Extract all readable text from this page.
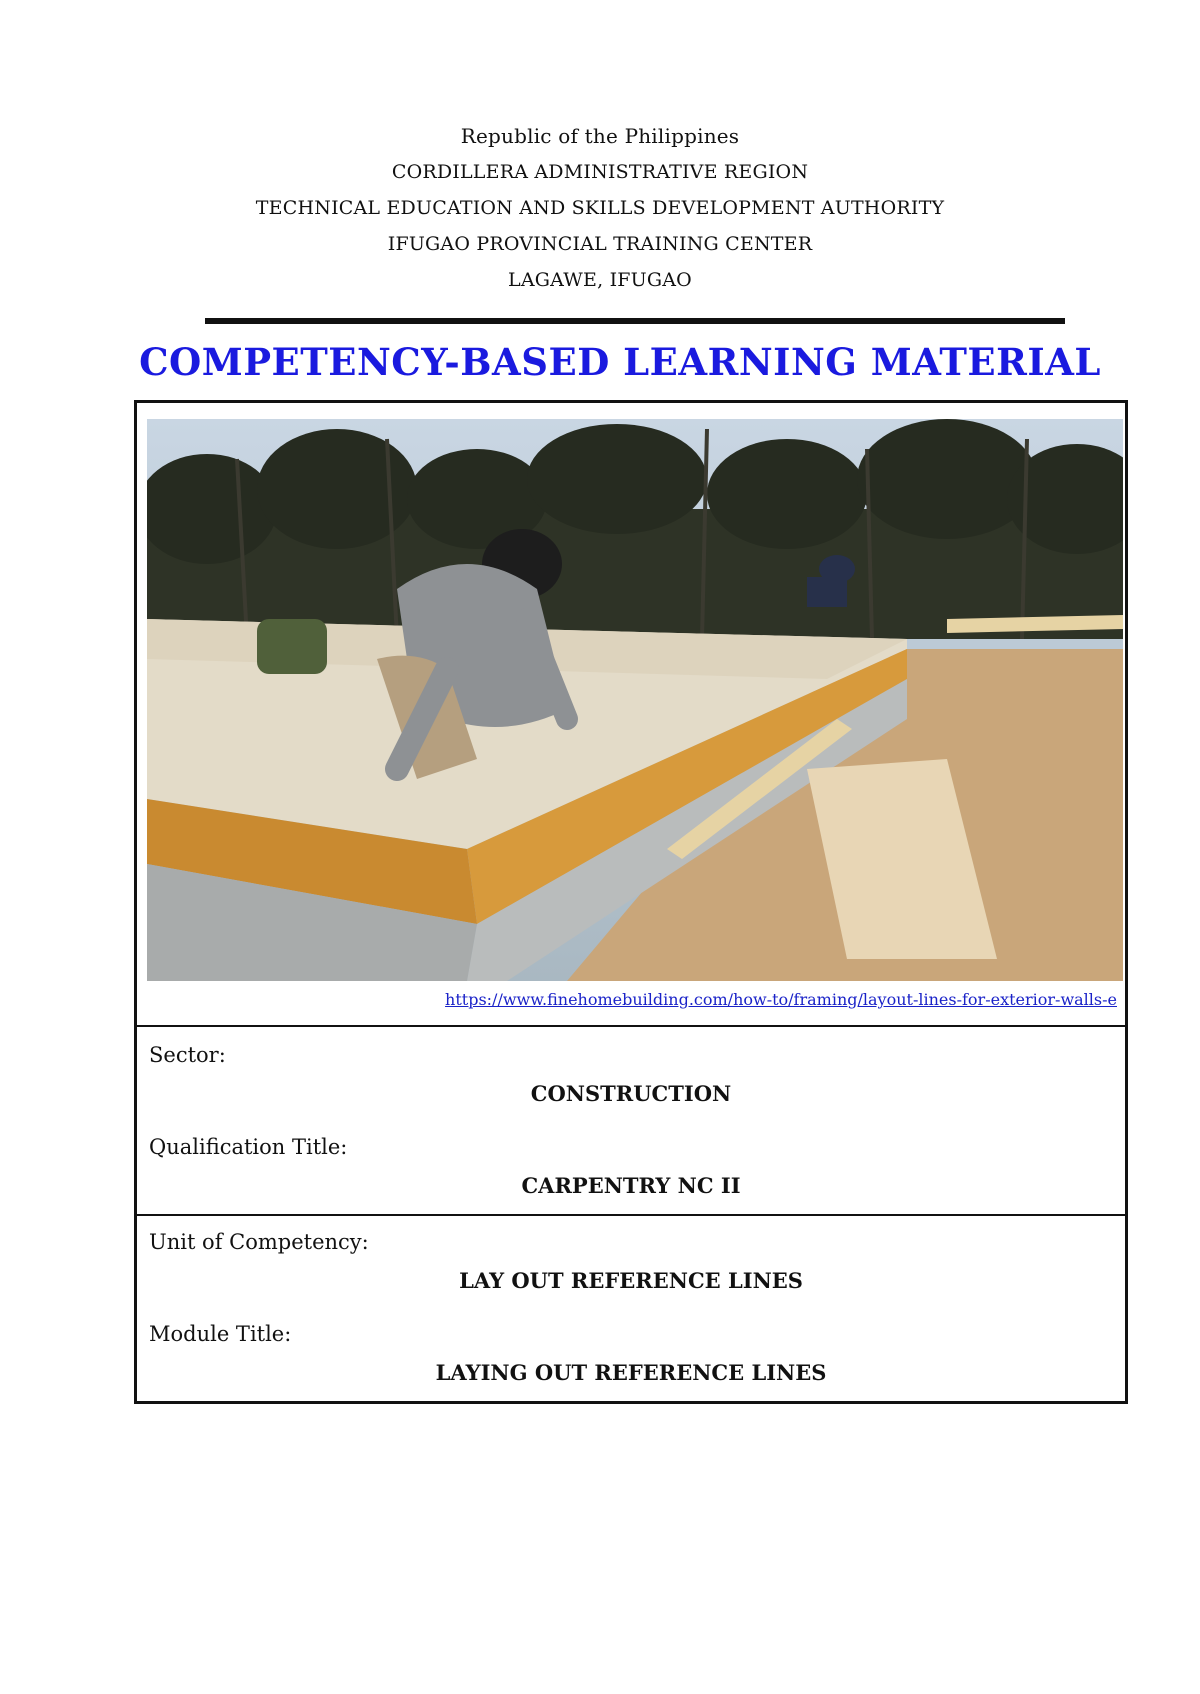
Republic of the Philippines
CORDILLERA ADMINISTRATIVE REGION
TECHNICAL EDUCATION AND SKILLS DEVELOPMENT AUTHORITY
IFUGAO PROVINCIAL TRAINING CENTER
LAGAWE, IFUGAO
COMPETENCY-BASED LEARNING MATERIAL
https://www.finehomebuilding.com/how-to/framing/layout-lines-for-exterior-walls-e
Sector:
CONSTRUCTION
Qualification Title:
CARPENTRY NC II
Unit of Competency:
LAY OUT REFERENCE LINES
Module Title:
LAYING OUT REFERENCE LINES
